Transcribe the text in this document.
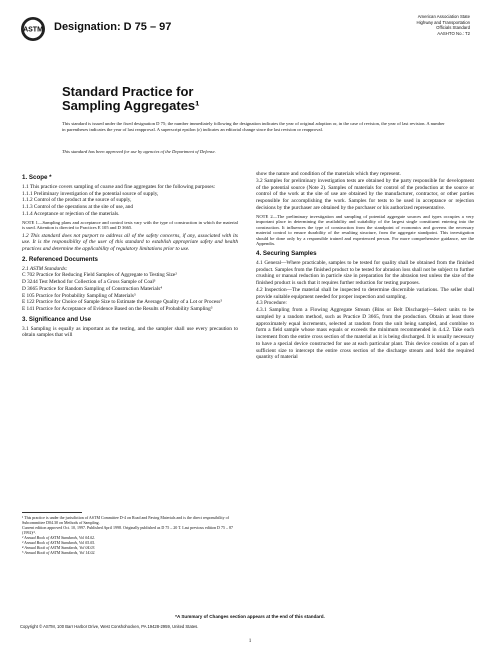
ASTM Designation: D 75 – 97
American Association State
Highway and Transportation
Officials Standard
AASHTO No.: T2
Standard Practice for
Sampling Aggregates¹
This standard is issued under the fixed designation D 75; the number immediately following the designation indicates the year of original adoption or, in the case of revision, the year of last revision. A number in parentheses indicates the year of last reapproval. A superscript epsilon (ε) indicates an editorial change since the last revision or reapproval.
This standard has been approved for use by agencies of the Department of Defense.

1. Scope *

1.1 This practice covers sampling of coarse and fine aggregates for the following purposes:

1.1.1 Preliminary investigation of the potential source of supply,

1.1.2 Control of the product at the source of supply,

1.1.3 Control of the operations at the site of use, and

1.1.4 Acceptance or rejection of the materials.

NOTE 1—Sampling plans and acceptance and control tests vary with the type of construction in which the material is used. Attention is directed to Practices E 105 and D 3665.

1.2 This standard does not purport to address all of the safety concerns, if any, associated with its use. It is the responsibility of the user of this standard to establish appropriate safety and health practices and determine the applicability of regulatory limitations prior to use.

2. Referenced Documents

2.1 ASTM Standards:

C 702 Practice for Reducing Field Samples of Aggregate to Testing Size²

D 3244 Test Method for Collection of a Gross Sample of Coal³

D 3665 Practice for Random Sampling of Construction Materials⁴

E 105 Practice for Probability Sampling of Materials⁵

E 122 Practice for Choice of Sample Size to Estimate the Average Quality of a Lot or Process⁵

E 141 Practice for Acceptance of Evidence Based on the Results of Probability Sampling⁵

3. Significance and Use

3.1 Sampling is equally as important as the testing, and the sampler shall use every precaution to obtain samples that will

¹ This practice is under the jurisdiction of ASTM Committee D-4 on Road and Paving Materials and is the direct responsibility of Subcommittee D04.30 on Methods of Sampling.

Current edition approved Oct. 10, 1997. Published April 1998. Originally published as D 75 – 20 T. Last previous edition D 75 – 87 (1992)ᵉ¹.

² Annual Book of ASTM Standards, Vol 04.02.

³ Annual Book of ASTM Standards, Vol 05.05.

⁴ Annual Book of ASTM Standards, Vol 04.03.

⁵ Annual Book of ASTM Standards, Vol 14.02.

show the nature and condition of the materials which they represent.

3.2 Samples for preliminary investigation tests are obtained by the party responsible for development of the potential source (Note 2). Samples of materials for control of the production at the source or control of the work at the site of use are obtained by the manufacturer, contractor, or other parties responsible for accomplishing the work. Samples for tests to be used in acceptance or rejection decisions by the purchaser are obtained by the purchaser or his authorized representative.

NOTE 2—The preliminary investigation and sampling of potential aggregate sources and types occupies a very important place in determining the availability and suitability of the largest single constituent entering into the construction. It influences the type of construction from the standpoint of economics and governs the necessary material control to ensure durability of the resulting structure, from the aggregate standpoint. This investigation should be done only by a responsible trained and experienced person. For more comprehensive guidance, see the Appendix.

4. Securing Samples

4.1 General—Where practicable, samples to be tested for quality shall be obtained from the finished product. Samples from the finished product to be tested for abrasion loss shall not be subject to further crushing or manual reduction in particle size in preparation for the abrasion test unless the size of the finished product is such that it requires further reduction for testing purposes.

4.2 Inspection—The material shall be inspected to determine discernible variations. The seller shall provide suitable equipment needed for proper inspection and sampling.

4.3 Procedure:

4.3.1 Sampling from a Flowing Aggregate Stream (Bins or Belt Discharge)—Select units to be sampled by a random method, such as Practice D 3665, from the production. Obtain at least three approximately equal increments, selected at random from the unit being sampled, and combine to form a field sample whose mass equals or exceeds the minimum recommended in 4.4.2. Take each increment from the entire cross section of the material as it is being discharged. It is usually necessary to have a special device constructed for use at each particular plant. This device consists of a pan of sufficient size to intercept the entire cross section of the discharge stream and hold the required quantity of material

*A Summary of Changes section appears at the end of this standard.
Copyright © ASTM, 100 Barr Harbor Drive, West Conshohocken, PA 19428-2959, United States.
1
